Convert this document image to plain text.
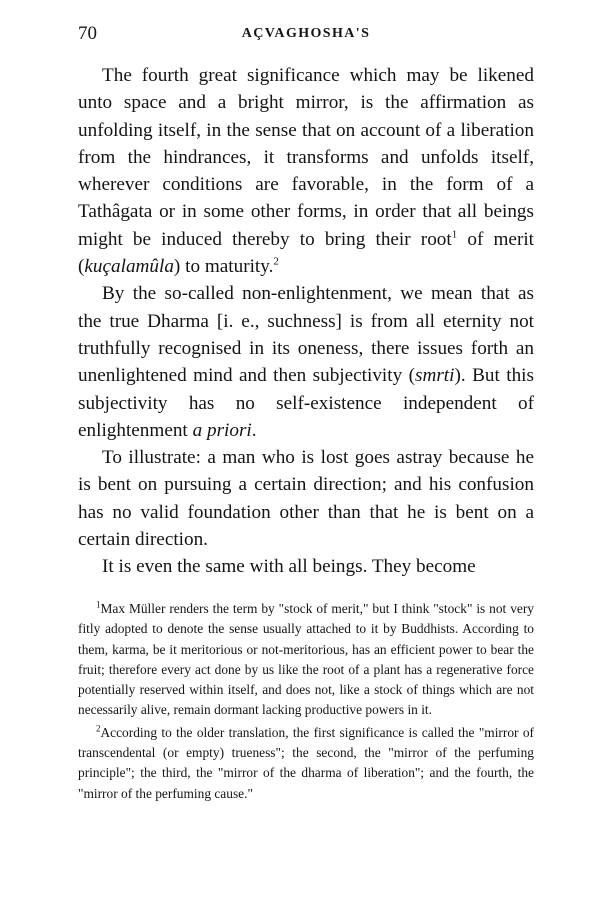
70	AÇVAGHOSHA'S

The fourth great significance which may be likened unto space and a bright mirror, is the affirmation as unfolding itself, in the sense that on account of a liberation from the hindrances, it transforms and unfolds itself, wherever conditions are favorable, in the form of a Tathâgata or in some other forms, in order that all beings might be induced thereby to bring their root$^1$ of merit (kuçalamûla) to maturity.$^2$

By the so-called non-enlightenment, we mean that as the true Dharma [i. e., suchness] is from all eternity not truthfully recognised in its oneness, there issues forth an unenlightened mind and then subjectivity (smrti). But this subjectivity has no self-existence independent of enlightenment a priori.

To illustrate: a man who is lost goes astray because he is bent on pursuing a certain direction; and his confusion has no valid foundation other than that he is bent on a certain direction.

It is even the same with all beings. They become

$^1$Max Müller renders the term by "stock of merit," but I think "stock" is not very fitly adopted to denote the sense usually attached to it by Buddhists. According to them, karma, be it meritorious or not-meritorious, has an efficient power to bear the fruit; therefore every act done by us like the root of a plant has a regenerative force potentially reserved within itself, and does not, like a stock of things which are not necessarily alive, remain dormant lacking productive powers in it.

$^2$According to the older translation, the first significance is called the "mirror of transcendental (or empty) trueness"; the second, the "mirror of the perfuming principle"; the third, the "mirror of the dharma of liberation"; and the fourth, the "mirror of the perfuming cause."
